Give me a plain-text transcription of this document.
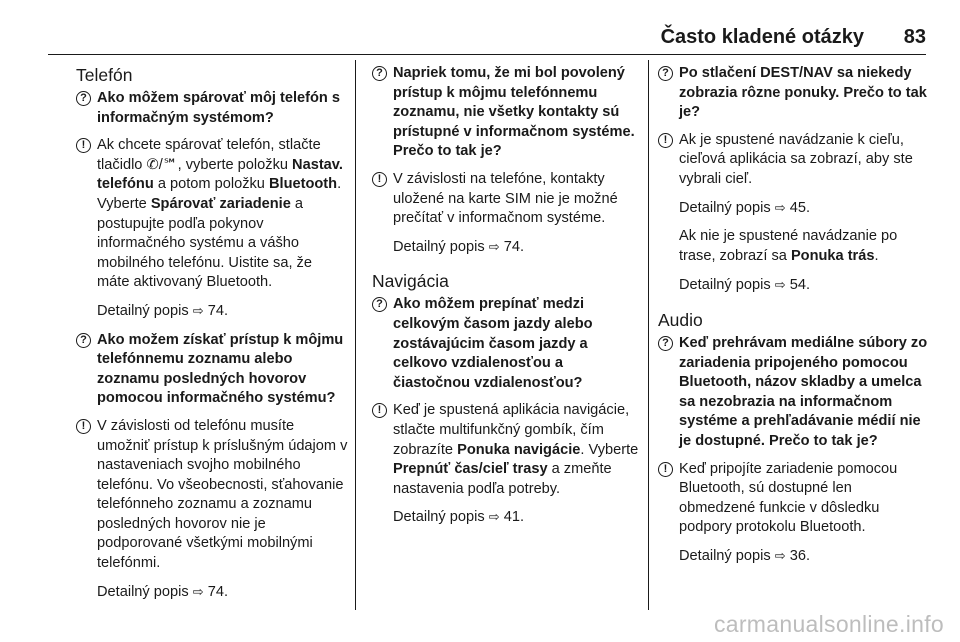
Často kladené otázky 83
Telefón
? Ako môžem spárovať môj telefón s informačným systémom?
! Ak chcete spárovať telefón, stlačte tlačidlo ✆/℠, vyberte položku Nastav. telefónu a potom položku Bluetooth. Vyberte Spárovať zariadenie a postupujte podľa pokynov informačného systému a vášho mobilného telefónu. Uistite sa, že máte aktivovaný Bluetooth.
Detailný popis ⇨ 74.
? Ako možem získať prístup k môjmu telefónnemu zoznamu alebo zoznamu posledných hovorov pomocou informačného systému?
! V závislosti od telefónu musíte umožniť prístup k príslušným údajom v nastaveniach svojho mobilného telefónu. Vo všeobecnosti, sťahovanie telefónneho zoznamu a zoznamu posledných hovorov nie je podporované všetkými mobilnými telefónmi.
Detailný popis ⇨ 74.
? Napriek tomu, že mi bol povolený prístup k môjmu telefónnemu zoznamu, nie všetky kontakty sú prístupné v informačnom systéme. Prečo to tak je?
! V závislosti na telefóne, kontakty uložené na karte SIM nie je možné prečítať v informačnom systéme.
Detailný popis ⇨ 74.
Navigácia
? Ako môžem prepínať medzi celkovým časom jazdy alebo zostávajúcim časom jazdy a celkovo vzdialenosťou a čiastočnou vzdialenosťou?
! Keď je spustená aplikácia navigácie, stlačte multifunkčný gombík, čím zobrazíte Ponuka navigácie. Vyberte Prepnúť čas/cieľ trasy a zmeňte nastavenia podľa potreby.
Detailný popis ⇨ 41.
? Po stlačení DEST/NAV sa niekedy zobrazia rôzne ponuky. Prečo to tak je?
! Ak je spustené navádzanie k cieľu, cieľová aplikácia sa zobrazí, aby ste vybrali cieľ.
Detailný popis ⇨ 45.
Ak nie je spustené navádzanie po trase, zobrazí sa Ponuka trás.
Detailný popis ⇨ 54.
Audio
? Keď prehrávam mediálne súbory zo zariadenia pripojeného pomocou Bluetooth, názov skladby a umelca sa nezobrazia na informačnom systéme a prehľadávanie médií nie je dostupné. Prečo to tak je?
! Keď pripojíte zariadenie pomocou Bluetooth, sú dostupné len obmedzené funkcie v dôsledku podpory protokolu Bluetooth.
Detailný popis ⇨ 36.
carmanualsonline.info
